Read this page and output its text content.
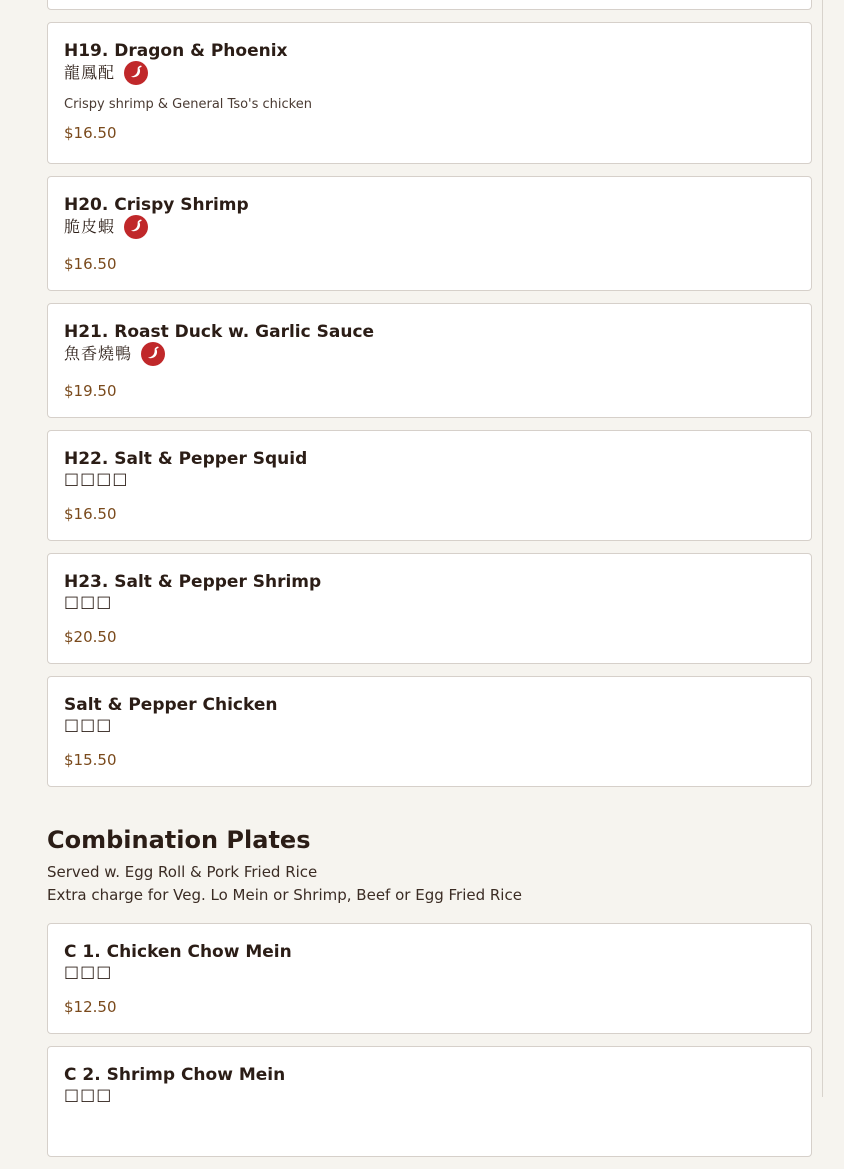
H19. Dragon & Phoenix
龍鳳配
Crispy shrimp & General Tso's chicken
$16.50
H20. Crispy Shrimp
脆皮蝦
$16.50
H21. Roast Duck w. Garlic Sauce
魚香燒鴨
$19.50
H22. Salt & Pepper Squid
□□□□
$16.50
H23. Salt & Pepper Shrimp
□□□
$20.50
Salt & Pepper Chicken
□□□
$15.50
Combination Plates
Served w. Egg Roll & Pork Fried Rice
Extra charge for Veg. Lo Mein or Shrimp, Beef or Egg Fried Rice
C 1. Chicken Chow Mein
□□□
$12.50
C 2. Shrimp Chow Mein
□□□
